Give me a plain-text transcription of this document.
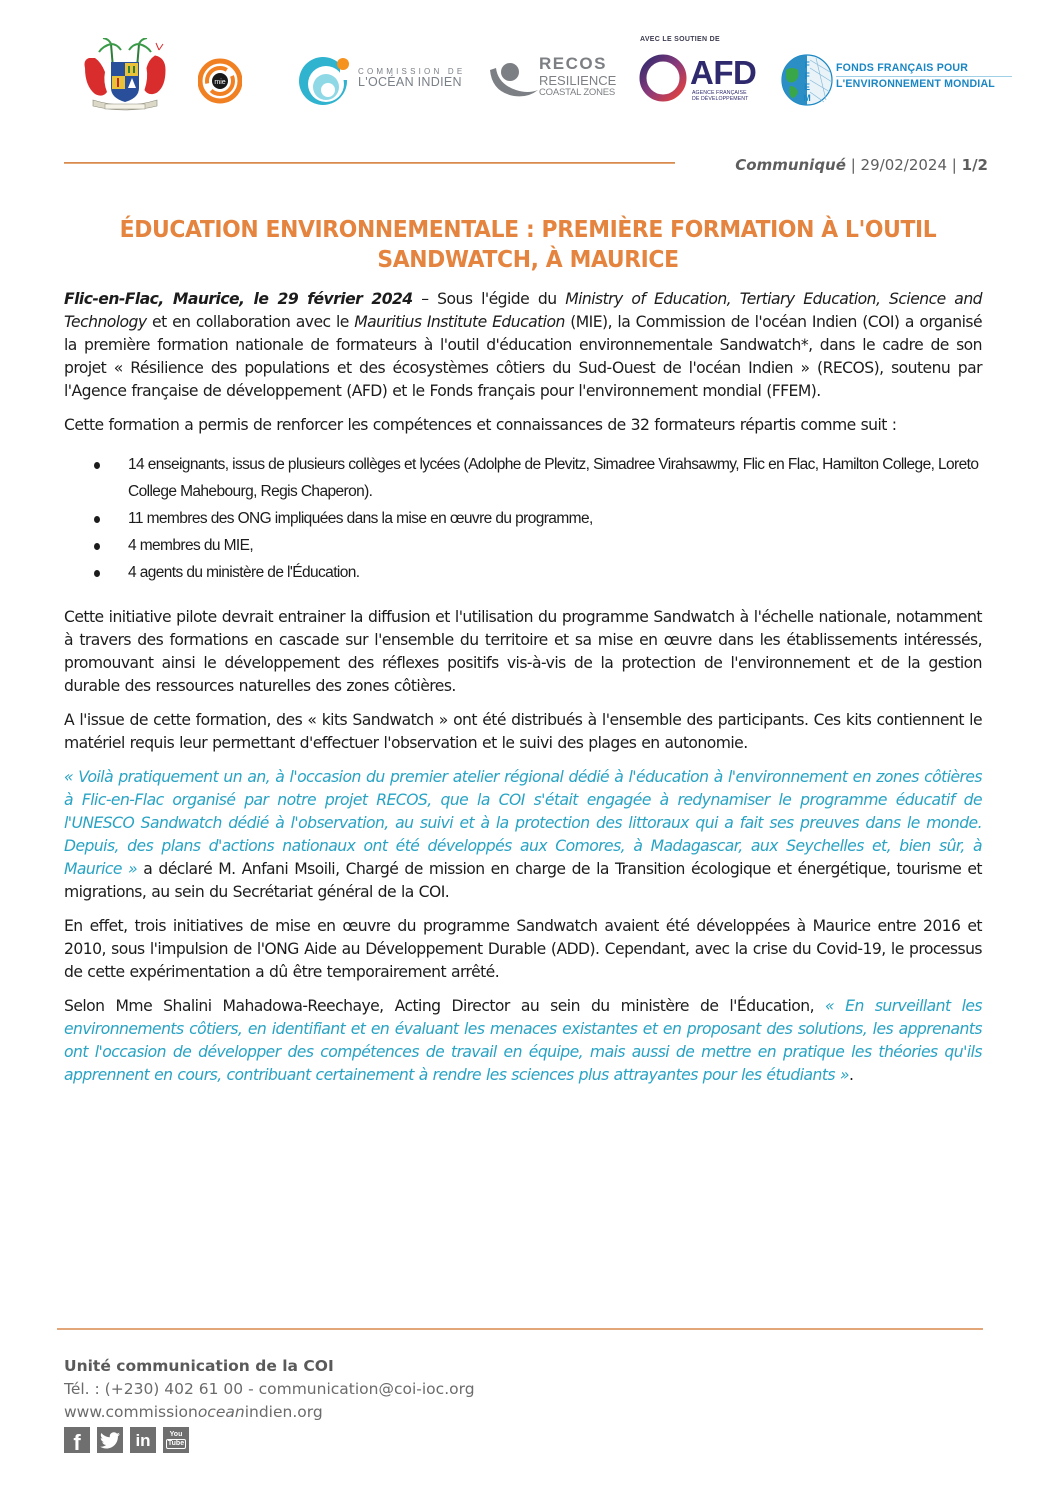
mie
COMMISSION DE
L'OCÉAN INDIEN
RECOS
RESILIENCE
COASTAL ZONES
AVEC LE SOUTIEN DE
AFD
AGENCE FRANÇAISE
DE DÉVELOPPEMENT
F
F
E
M
FONDS FRANÇAIS POUR
L'ENVIRONNEMENT MONDIAL
Communiqué | 29/02/2024 | 1/2
ÉDUCATION ENVIRONNEMENTALE : PREMIÈRE FORMATION À L'OUTIL SANDWATCH, À MAURICE

Flic-en-Flac, Maurice, le 29 février 2024 – Sous l'égide du Ministry of Education, Tertiary Education, Science and Technology et en collaboration avec le Mauritius Institute Education (MIE), la Commission de l'océan Indien (COI) a organisé la première formation nationale de formateurs à l'outil d'éducation environnementale Sandwatch*, dans le cadre de son projet « Résilience des populations et des écosystèmes côtiers du Sud-Ouest de l'océan Indien » (RECOS), soutenu par l'Agence française de développement (AFD) et le Fonds français pour l'environnement mondial (FFEM).

Cette formation a permis de renforcer les compétences et connaissances de 32 formateurs répartis comme suit :

14 enseignants, issus de plusieurs collèges et lycées (Adolphe de Plevitz, Simadree Virahsawmy, Flic en Flac, Hamilton College, Loreto College Mahebourg, Regis Chaperon).
11 membres des ONG impliquées dans la mise en œuvre du programme,
4 membres du MIE,
4 agents du ministère de l'Éducation.

Cette initiative pilote devrait entrainer la diffusion et l'utilisation du programme Sandwatch à l'échelle nationale, notamment à travers des formations en cascade sur l'ensemble du territoire et sa mise en œuvre dans les établissements intéressés, promouvant ainsi le développement des réflexes positifs vis-à-vis de la protection de l'environnement et de la gestion durable des ressources naturelles des zones côtières.

A l'issue de cette formation, des « kits Sandwatch » ont été distribués à l'ensemble des participants. Ces kits contiennent le matériel requis leur permettant d'effectuer l'observation et le suivi des plages en autonomie.

« Voilà pratiquement un an, à l'occasion du premier atelier régional dédié à l'éducation à l'environnement en zones côtières à Flic-en-Flac organisé par notre projet RECOS, que la COI s'était engagée à redynamiser le programme éducatif de l'UNESCO Sandwatch dédié à l'observation, au suivi et à la protection des littoraux qui a fait ses preuves dans le monde. Depuis, des plans d'actions nationaux ont été développés aux Comores, à Madagascar, aux Seychelles et, bien sûr, à Maurice » a déclaré M. Anfani Msoili, Chargé de mission en charge de la Transition écologique et énergétique, tourisme et migrations, au sein du Secrétariat général de la COI.

En effet, trois initiatives de mise en œuvre du programme Sandwatch avaient été développées à Maurice entre 2016 et 2010, sous l'impulsion de l'ONG Aide au Développement Durable (ADD). Cependant, avec la crise du Covid-19, le processus de cette expérimentation a dû être temporairement arrêté.

Selon Mme Shalini Mahadowa-Reechaye, Acting Director au sein du ministère de l'Éducation, « En surveillant les environnements côtiers, en identifiant et en évaluant les menaces existantes et en proposant des solutions, les apprenants ont l'occasion de développer des compétences de travail en équipe, mais aussi de mettre en pratique les théories qu'ils apprennent en cours, contribuant certainement à rendre les sciences plus attrayantes pour les étudiants ».

Unité communication de la COI
Tél. : (+230) 402 61 00 - communication@coi-ioc.org
www.commissionoceanindien.org
f	in	You
Tube
